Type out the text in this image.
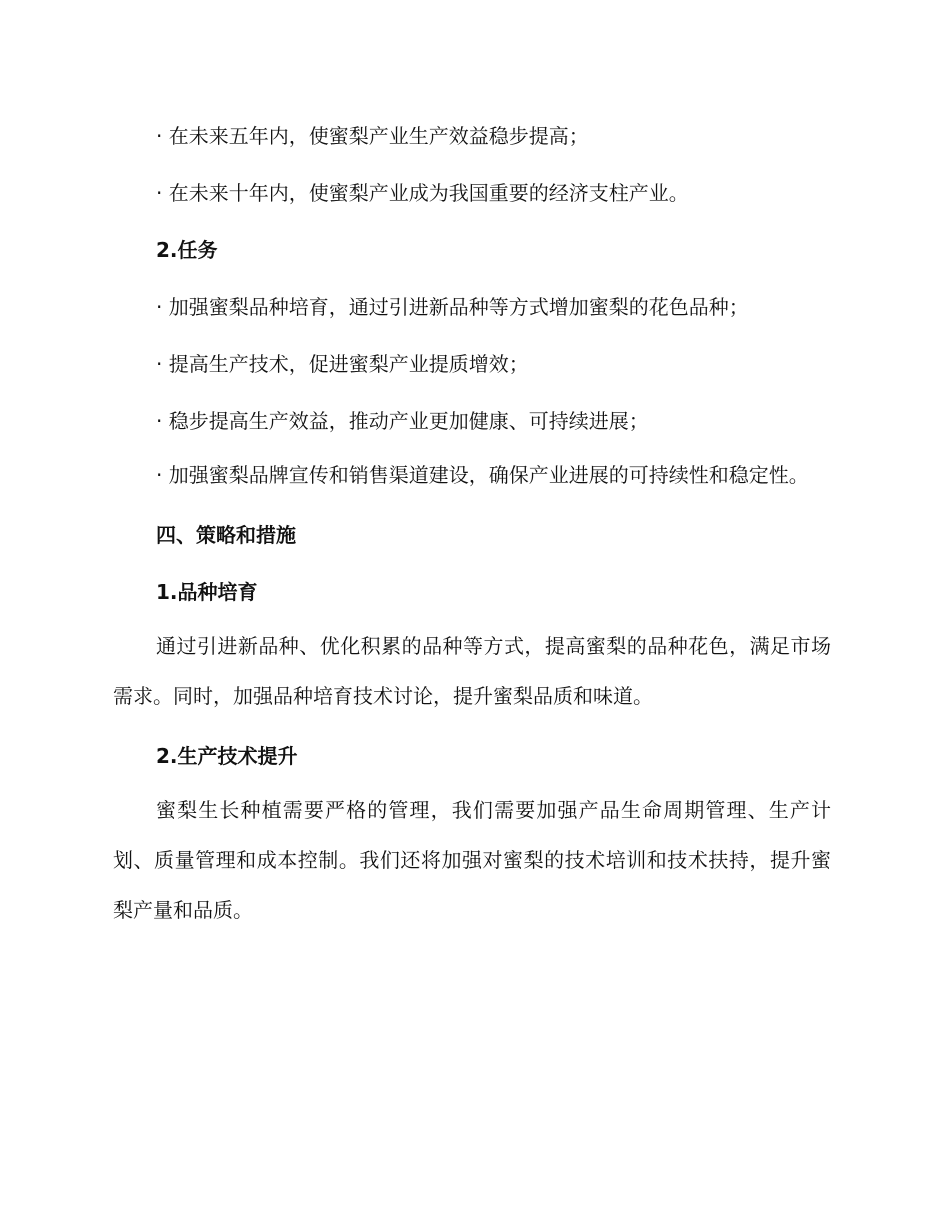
· 在未来五年内，使蜜梨产业生产效益稳步提高；

· 在未来十年内，使蜜梨产业成为我国重要的经济支柱产业。

2.任务

· 加强蜜梨品种培育，通过引进新品种等方式增加蜜梨的花色品种；

· 提高生产技术，促进蜜梨产业提质增效；

· 稳步提高生产效益，推动产业更加健康、可持续进展；

· 加强蜜梨品牌宣传和销售渠道建设，确保产业进展的可持续性和稳定性。

四、策略和措施

1.品种培育

通过引进新品种、优化积累的品种等方式，提高蜜梨的品种花色，满足市场需求。同时，加强品种培育技术讨论，提升蜜梨品质和味道。

2.生产技术提升

蜜梨生长种植需要严格的管理，我们需要加强产品生命周期管理、生产计划、质量管理和成本控制。我们还将加强对蜜梨的技术培训和技术扶持，提升蜜梨产量和品质。
